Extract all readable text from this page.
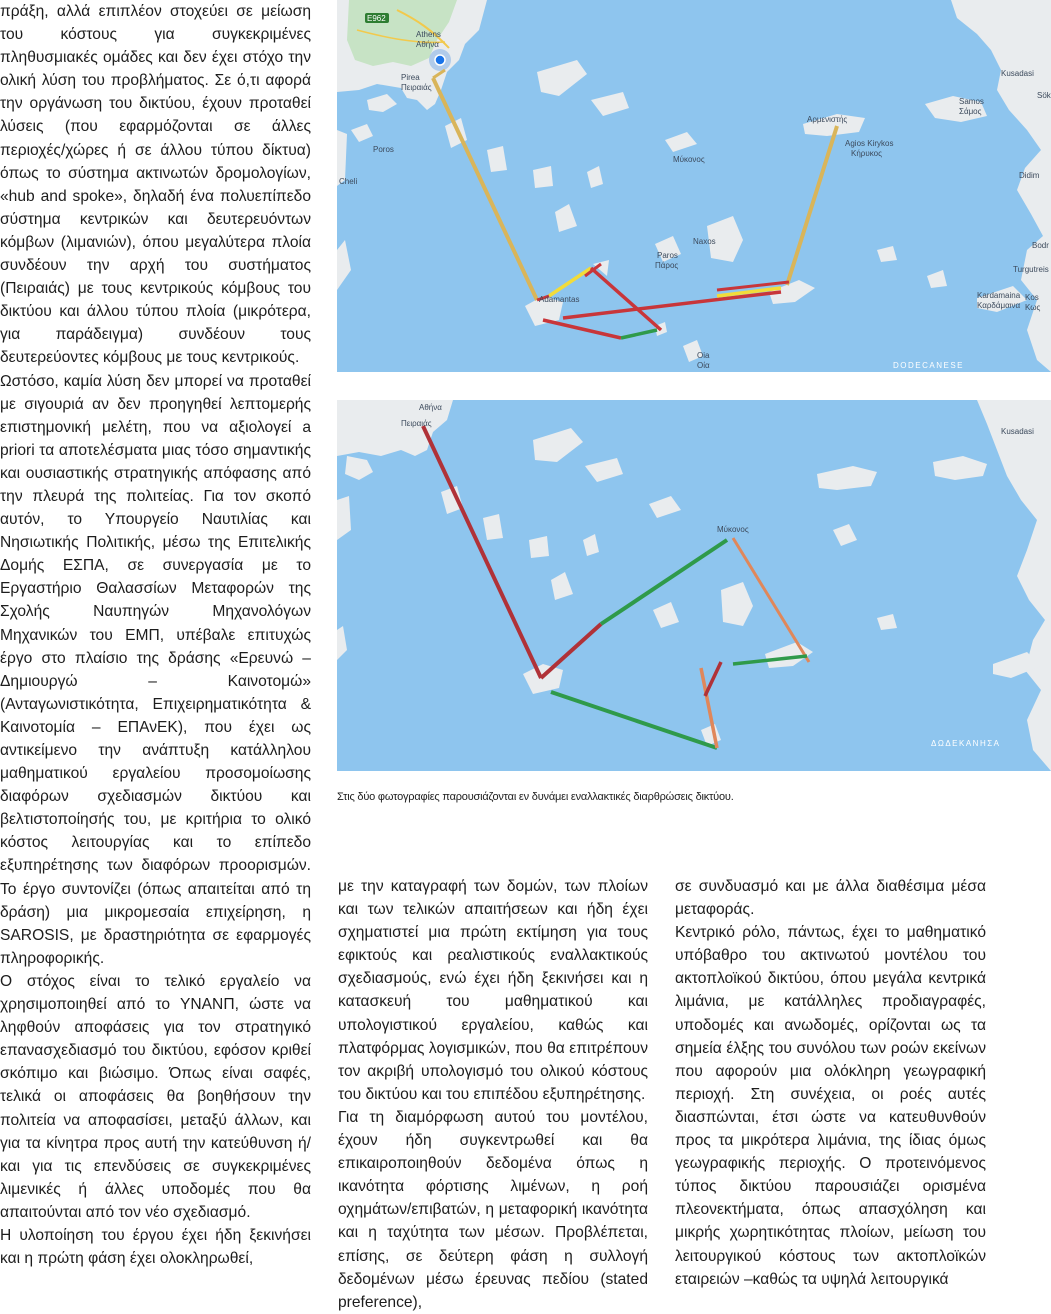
πράξη, αλλά επιπλέον στοχεύει σε μείωση του κόστους για συγκεκριμένες πληθυσμιακές ομάδες και δεν έχει στόχο την ολική λύση του προβλήματος. Σε ό,τι αφορά την οργάνωση του δικτύου, έχουν προταθεί λύσεις (που εφαρμόζονται σε άλλες περιοχές/χώρες ή σε άλλου τύπου δίκτυα) όπως το σύστημα ακτινωτών δρομολογίων, «hub and spoke», δηλαδή ένα πολυεπίπεδο σύστημα κεντρικών και δευτερευόντων κόμβων (λιμανιών), όπου μεγαλύτερα πλοία συνδέουν την αρχή του συστήματος (Πειραιάς) με τους κεντρικούς κόμβους του δικτύου και άλλου τύπου πλοία (μικρότερα, για παράδειγμα) συνδέουν τους δευτερεύοντες κόμβους με τους κεντρικούς.

Ωστόσο, καμία λύση δεν μπορεί να προταθεί με σιγουριά αν δεν προηγηθεί λεπτομερής επιστημονική μελέτη, που να αξιολογεί a priori τα αποτελέσματα μιας τόσο σημαντικής και ουσιαστικής στρατηγικής απόφασης από την πλευρά της πολιτείας. Για τον σκοπό αυτόν, το Υπουργείο Ναυτιλίας και Νησιωτικής Πολιτικής, μέσω της Επιτελικής Δομής ΕΣΠΑ, σε συνεργασία με το Εργαστήριο Θαλασσίων Μεταφορών της Σχολής Ναυπηγών Μηχανολόγων Μηχανικών του ΕΜΠ, υπέβαλε επιτυχώς έργο στο πλαίσιο της δράσης «Ερευνώ – Δημιουργώ – Καινοτομώ» (Ανταγωνιστικότητα, Επιχειρηματικότητα & Καινοτομία – ΕΠΑνΕΚ), που έχει ως αντικείμενο την ανάπτυξη κατάλληλου μαθηματικού εργαλείου προσομοίωσης διαφόρων σχεδιασμών δικτύου και βελτιστοποίησής του, με κριτήρια το ολικό κόστος λειτουργίας και το επίπεδο εξυπηρέτησης των διαφόρων προορισμών. Το έργο συντονίζει (όπως απαιτείται από τη δράση) μια μικρομεσαία επιχείρηση, η SAROSIS, με δραστηριότητα σε εφαρμογές πληροφορικής.

Ο στόχος είναι το τελικό εργαλείο να χρησιμοποιηθεί από το ΥΝΑΝΠ, ώστε να ληφθούν αποφάσεις για τον στρατηγικό επανασχεδιασμό του δικτύου, εφόσον κριθεί σκόπιμο και βιώσιμο. Όπως είναι σαφές, τελικά οι αποφάσεις θα βοηθήσουν την πολιτεία να αποφασίσει, μεταξύ άλλων, και για τα κίνητρα προς αυτή την κατεύθυνση ή/και για τις επενδύσεις σε συγκεκριμένες λιμενικές ή άλλες υποδομές που θα απαιτούνται από τον νέο σχεδιασμό.

Η υλοποίηση του έργου έχει ήδη ξεκινήσει και η πρώτη φάση έχει ολοκληρωθεί,

E962
Athens
Αθήνα
Pirea
Πειραιάς
Kusadasi
Sök
Samos
Σάμος
Αρμενιστής
Agios Kirykos
Κήρυκος
Μύκονος
Didim
Bodr
Turgutreis
Kardamaina
Καρδάμαινα
Kos
Κως
Naxos
Paros
Πάρος
Poros
Cheli
Adamantas
Oia
Οία	DODECANESE
Αθήνα
Πειραιάς
Μύκονος
Kusadasi
ΔΩΔΕΚΑΝΗΣΑ
Στις δύο φωτογραφίες παρουσιάζονται εν δυνάμει εναλλακτικές διαρθρώσεις δικτύου.

με την καταγραφή των δομών, των πλοίων και των τελικών απαιτήσεων και ήδη έχει σχηματιστεί μια πρώτη εκτίμηση για τους εφικτούς και ρεαλιστικούς εναλλακτικούς σχεδιασμούς, ενώ έχει ήδη ξεκινήσει και η κατασκευή του μαθηματικού και υπολογιστικού εργαλείου, καθώς και πλατφόρμας λογισμικών, που θα επιτρέπουν τον ακριβή υπολογισμό του ολικού κόστους του δικτύου και του επιπέδου εξυπηρέτησης.

Για τη διαμόρφωση αυτού του μοντέλου, έχουν ήδη συγκεντρωθεί και θα επικαιροποιηθούν δεδομένα όπως η ικανότητα φόρτισης λιμένων, η ροή οχημάτων/επιβατών, η μεταφορική ικανότητα και η ταχύτητα των μέσων. Προβλέπεται, επίσης, σε δεύτερη φάση η συλλογή δεδομένων μέσω έρευνας πεδίου (stated preference),

σε συνδυασμό και με άλλα διαθέσιμα μέσα μεταφοράς.

Κεντρικό ρόλο, πάντως, έχει το μαθηματικό υπόβαθρο του ακτινωτού μοντέλου του ακτοπλοϊκού δικτύου, όπου μεγάλα κεντρικά λιμάνια, με κατάλληλες προδιαγραφές, υποδομές και ανωδομές, ορίζονται ως τα σημεία έλξης του συνόλου των ροών εκείνων που αφορούν μια ολόκληρη γεωγραφική περιοχή. Στη συνέχεια, οι ροές αυτές διασπώνται, έτσι ώστε να κατευθυνθούν προς τα μικρότερα λιμάνια, της ίδιας όμως γεωγραφικής περιοχής. Ο προτεινόμενος τύπος δικτύου παρουσιάζει ορισμένα πλεονεκτήματα, όπως απασχόληση και μικρής χωρητικότητας πλοίων, μείωση του λειτουργικού κόστους των ακτοπλοϊκών εταιρειών –καθώς τα υψηλά λειτουργικά
